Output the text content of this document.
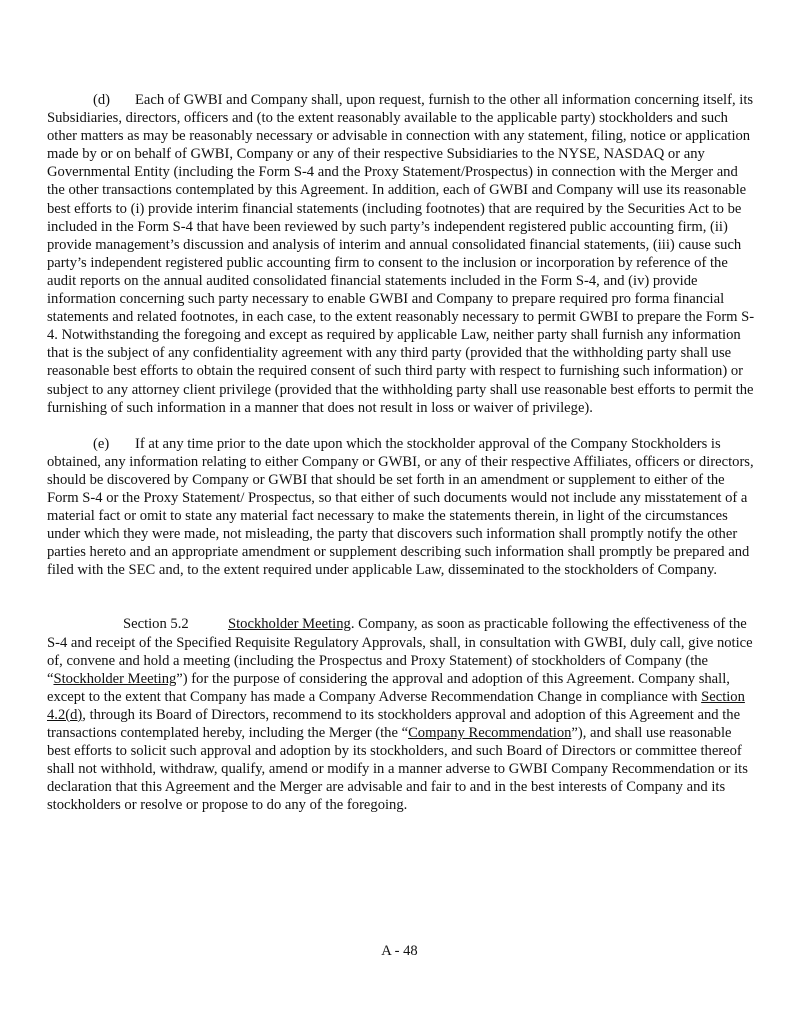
(d) Each of GWBI and Company shall, upon request, furnish to the other all information concerning itself, its Subsidiaries, directors, officers and (to the extent reasonably available to the applicable party) stockholders and such other matters as may be reasonably necessary or advisable in connection with any statement, filing, notice or application made by or on behalf of GWBI, Company or any of their respective Subsidiaries to the NYSE, NASDAQ or any Governmental Entity (including the Form S-4 and the Proxy Statement/Prospectus) in connection with the Merger and the other transactions contemplated by this Agreement. In addition, each of GWBI and Company will use its reasonable best efforts to (i) provide interim financial statements (including footnotes) that are required by the Securities Act to be included in the Form S-4 that have been reviewed by such party’s independent registered public accounting firm, (ii) provide management’s discussion and analysis of interim and annual consolidated financial statements, (iii) cause such party’s independent registered public accounting firm to consent to the inclusion or incorporation by reference of the audit reports on the annual audited consolidated financial statements included in the Form S-4, and (iv) provide information concerning such party necessary to enable GWBI and Company to prepare required pro forma financial statements and related footnotes, in each case, to the extent reasonably necessary to permit GWBI to prepare the Form S-4. Notwithstanding the foregoing and except as required by applicable Law, neither party shall furnish any information that is the subject of any confidentiality agreement with any third party (provided that the withholding party shall use reasonable best efforts to obtain the required consent of such third party with respect to furnishing such information) or subject to any attorney client privilege (provided that the withholding party shall use reasonable best efforts to permit the furnishing of such information in a manner that does not result in loss or waiver of privilege).

(e) If at any time prior to the date upon which the stockholder approval of the Company Stockholders is obtained, any information relating to either Company or GWBI, or any of their respective Affiliates, officers or directors, should be discovered by Company or GWBI that should be set forth in an amendment or supplement to either of the Form S-4 or the Proxy Statement/ Prospectus, so that either of such documents would not include any misstatement of a material fact or omit to state any material fact necessary to make the statements therein, in light of the circumstances under which they were made, not misleading, the party that discovers such information shall promptly notify the other parties hereto and an appropriate amendment or supplement describing such information shall promptly be prepared and filed with the SEC and, to the extent required under applicable Law, disseminated to the stockholders of Company.

Section 5.2	Stockholder Meeting. Company, as soon as practicable following the effectiveness of the S-4 and receipt of the Specified Requisite Regulatory Approvals, shall, in consultation with GWBI, duly call, give notice of, convene and hold a meeting (including the Prospectus and Proxy Statement) of stockholders of Company (the “Stockholder Meeting”) for the purpose of considering the approval and adoption of this Agreement. Company shall, except to the extent that Company has made a Company Adverse Recommendation Change in compliance with Section 4.2(d), through its Board of Directors, recommend to its stockholders approval and adoption of this Agreement and the transactions contemplated hereby, including the Merger (the “Company Recommendation”), and shall use reasonable best efforts to solicit such approval and adoption by its stockholders, and such Board of Directors or committee thereof shall not withhold, withdraw, qualify, amend or modify in a manner adverse to GWBI Company Recommendation or its declaration that this Agreement and the Merger are advisable and fair to and in the best interests of Company and its stockholders or resolve or propose to do any of the foregoing.

A - 48
